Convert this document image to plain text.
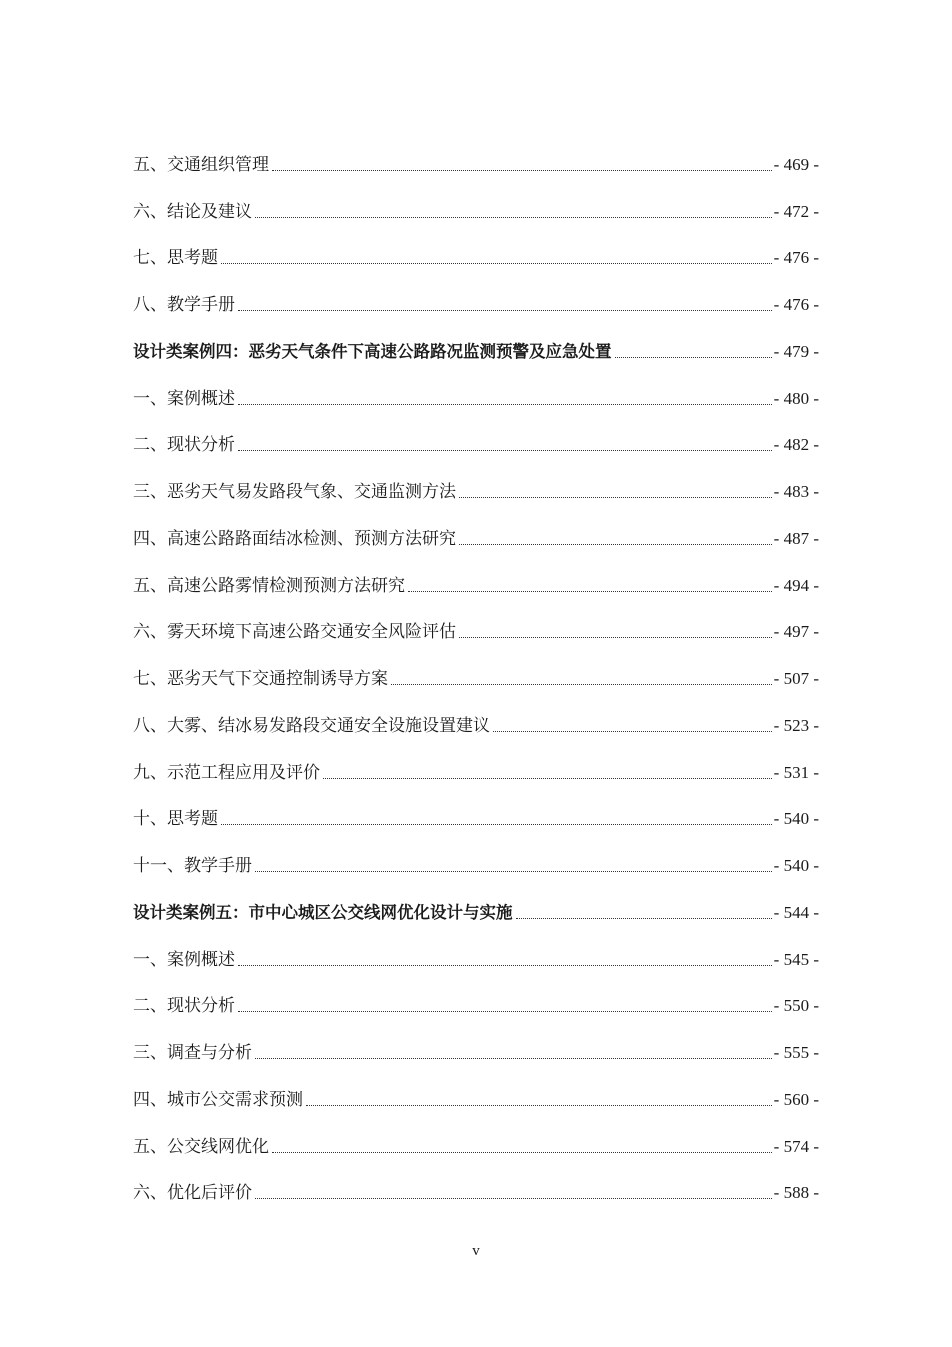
五、交通组织管理	- 469 -
六、结论及建议	- 472 -
七、思考题	- 476 -
八、教学手册	- 476 -
设计类案例四：恶劣天气条件下高速公路路况监测预警及应急处置	- 479 -
一、案例概述	- 480 -
二、现状分析	- 482 -
三、恶劣天气易发路段气象、交通监测方法	- 483 -
四、高速公路路面结冰检测、预测方法研究	- 487 -
五、高速公路雾情检测预测方法研究	- 494 -
六、雾天环境下高速公路交通安全风险评估	- 497 -
七、恶劣天气下交通控制诱导方案	- 507 -
八、大雾、结冰易发路段交通安全设施设置建议	- 523 -
九、示范工程应用及评价	- 531 -
十、思考题	- 540 -
十一、教学手册	- 540 -
设计类案例五：市中心城区公交线网优化设计与实施	- 544 -
一、案例概述	- 545 -
二、现状分析	- 550 -
三、调查与分析	- 555 -
四、城市公交需求预测	- 560 -
五、公交线网优化	- 574 -
六、优化后评价	- 588 -
v
